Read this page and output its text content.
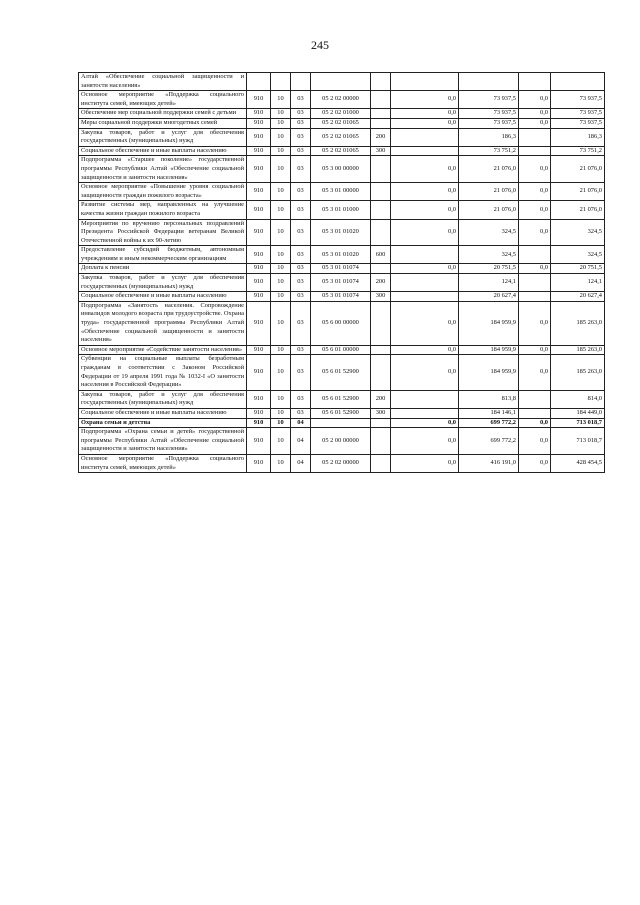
245
Алтай «Обеспечение социальной защищенности и занятости населения»									
Основное мероприятие «Поддержка социального института семей, имеющих детей»	910	10	03	05 2 02 00000		0,0	73 937,5	0,0	73 937,5
Обеспечение мер социальной поддержки семей с детьми	910	10	03	05 2 02 01000		0,0	73 937,5	0,0	73 937,5
Меры социальной поддержки многодетных семей	910	10	03	05 2 02 01065		0,0	73 937,5	0,0	73 937,5
Закупка товаров, работ и услуг для обеспечения государственных (муниципальных) нужд	910	10	03	05 2 02 01065	200		186,3		186,3
Социальное обеспечение и иные выплаты населению	910	10	03	05 2 02 01065	300		73 751,2		73 751,2
Подпрограмма «Старшее поколение» государственной программы Республики Алтай «Обеспечение социальной защищенности и занятости населения»	910	10	03	05 3 00 00000		0,0	21 076,0	0,0	21 076,0
Основное мероприятие «Повышение уровня социальной защищенности граждан пожилого возраста»	910	10	03	05 3 01 00000		0,0	21 076,0	0,0	21 076,0
Развитие системы мер, направленных на улучшение качества жизни граждан пожилого возраста	910	10	03	05 3 01 01000		0,0	21 076,0	0,0	21 076,0
Мероприятия по вручению персональных поздравлений Президента Российской Федерации ветеранам Великой Отечественной войны к их 90-летию	910	10	03	05 3 01 01020		0,0	324,5	0,0	324,5
Предоставление субсидий бюджетным, автономным учреждениям и иным некоммерческим организациям	910	10	03	05 3 01 01020	600		324,5		324,5
Доплата к пенсии	910	10	03	05 3 01 01074		0,0	20 751,5	0,0	20 751,5
Закупка товаров, работ и услуг для обеспечения государственных (муниципальных) нужд	910	10	03	05 3 01 01074	200		124,1		124,1
Социальное обеспечение и иные выплаты населению	910	10	03	05 3 01 01074	300		20 627,4		20 627,4
Подпрограмма «Занятость населения. Сопровождение инвалидов молодого возраста при трудоустройстве. Охрана труда» государственной программы Республики Алтай «Обеспечение социальной защищенности и занятости населения»	910	10	03	05 6 00 00000		0,0	184 959,9	0,0	185 263,0
Основное мероприятие «Содействие занятости населения»	910	10	03	05 6 01 00000		0,0	184 959,9	0,0	185 263,0
Субвенции на социальные выплаты безработным гражданам в соответствии с Законом Российской Федерации от 19 апреля 1991 года № 1032-I «О занятости населения в Российской Федерации»	910	10	03	05 6 01 52900		0,0	184 959,9	0,0	185 263,0
Закупка товаров, работ и услуг для обеспечения государственных (муниципальных) нужд	910	10	03	05 6 01 52900	200		813,8		814,0
Социальное обеспечение и иные выплаты населению	910	10	03	05 6 01 52900	300		184 146,1		184 449,0
Охрана семьи и детства	910	10	04			0,0	699 772,2	0,0	713 018,7
Подпрограмма «Охрана семьи и детей» государственной программы Республики Алтай «Обеспечение социальной защищенности и занятости населения»	910	10	04	05 2 00 00000		0,0	699 772,2	0,0	713 018,7
Основное мероприятие «Поддержка социального института семей, имеющих детей»	910	10	04	05 2 02 00000		0,0	416 191,0	0,0	428 454,5
